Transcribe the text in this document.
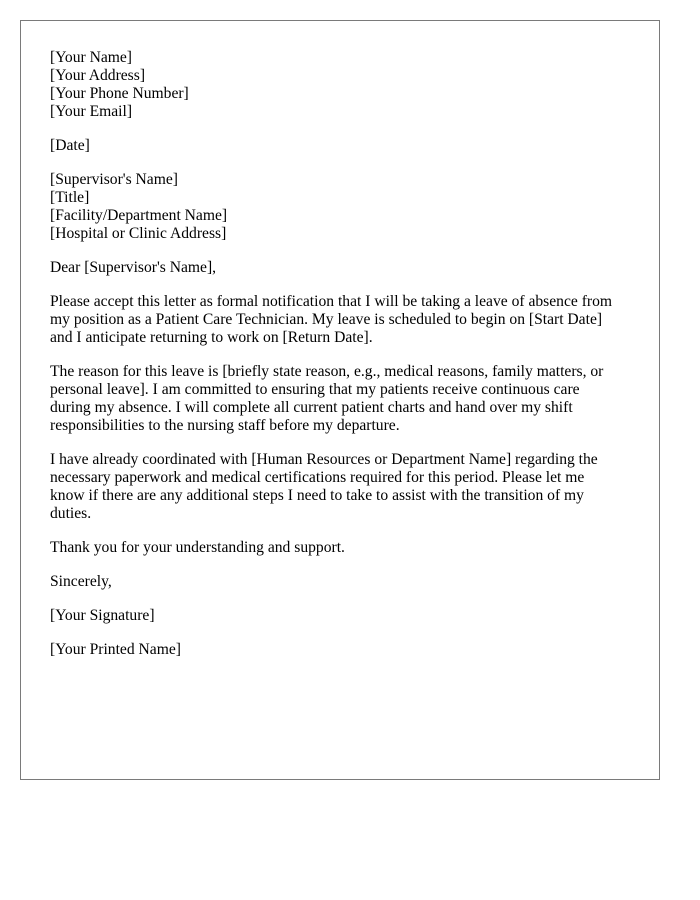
[Your Name]
[Your Address]
[Your Phone Number]
[Your Email]
[Date]
[Supervisor's Name]
[Title]
[Facility/Department Name]
[Hospital or Clinic Address]
Dear [Supervisor's Name],
Please accept this letter as formal notification that I will be taking a leave of absence from
my position as a Patient Care Technician. My leave is scheduled to begin on [Start Date]
and I anticipate returning to work on [Return Date].
The reason for this leave is [briefly state reason, e.g., medical reasons, family matters, or
personal leave]. I am committed to ensuring that my patients receive continuous care
during my absence. I will complete all current patient charts and hand over my shift
responsibilities to the nursing staff before my departure.
I have already coordinated with [Human Resources or Department Name] regarding the
necessary paperwork and medical certifications required for this period. Please let me
know if there are any additional steps I need to take to assist with the transition of my
duties.
Thank you for your understanding and support.
Sincerely,
[Your Signature]
[Your Printed Name]
